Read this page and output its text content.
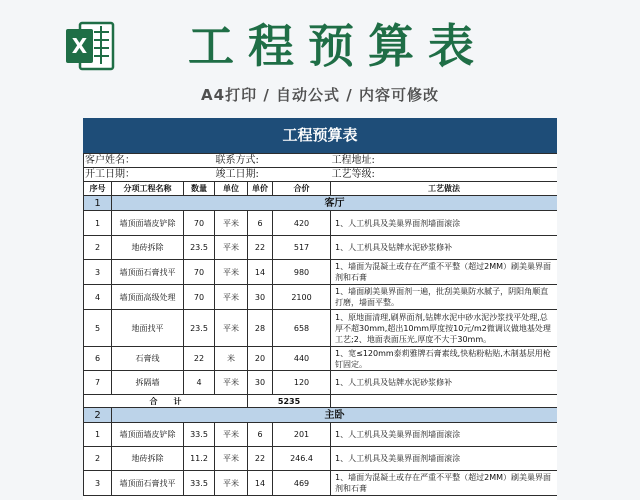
X 工程预算表
A4打印 / 自动公式 / 内容可修改
工程预算表
客户姓名：			联系方式:			工程地址:
开工日期：			竣工日期:			工艺等级:
序号	分项工程名称	数量	单位	单价	合价	工艺做法
1	客厅					
1	墙顶面墙皮铲除	70	平米	6	420	1、人工机具及美巢界面剂墙面滚涂
2	地砖拆除	23.5	平米	22	517	1、人工机具及钻牌水泥砂浆修补
3	墙顶面石膏找平	70	平米	14	980	1、墙面为混凝土或存在严重不平整（超过2MM）刷美巢界面剂和石膏
4	墙顶面高级处理	70	平米	30	2100	1、墙面刷美巢界面剂一遍，批刮美巢防水腻子，阴阳角顺直打磨，墙面平整。
5	地面找平	23.5	平米	28	658	1、原地面清理,刷界面剂,钻牌水泥中砂水泥沙浆找平处理,总厚不超30mm,超出10mm厚度按10元/m2微调议做地基处理工艺;2、地面表面压光,厚度不大于30mm。
6	石膏线	22	米	20	440	1、宽≤120mm泰莉雅牌石膏素线,快粘粉粘贴,木制基层用枪钉固定。
7	拆隔墙	4	平米	30	120	1、人工机具及钻牌水泥砂浆修补
合　　计				5235		
2	主卧					
1	墙顶面墙皮铲除	33.5	平米	6	201	1、人工机具及美巢界面剂墙面滚涂
2	地砖拆除	11.2	平米	22	246.4	1、人工机具及美巢界面剂墙面滚涂
3	墙顶面石膏找平	33.5	平米	14	469	1、墙面为混凝土或存在严重不平整（超过2MM）刷美巢界面剂和石膏
